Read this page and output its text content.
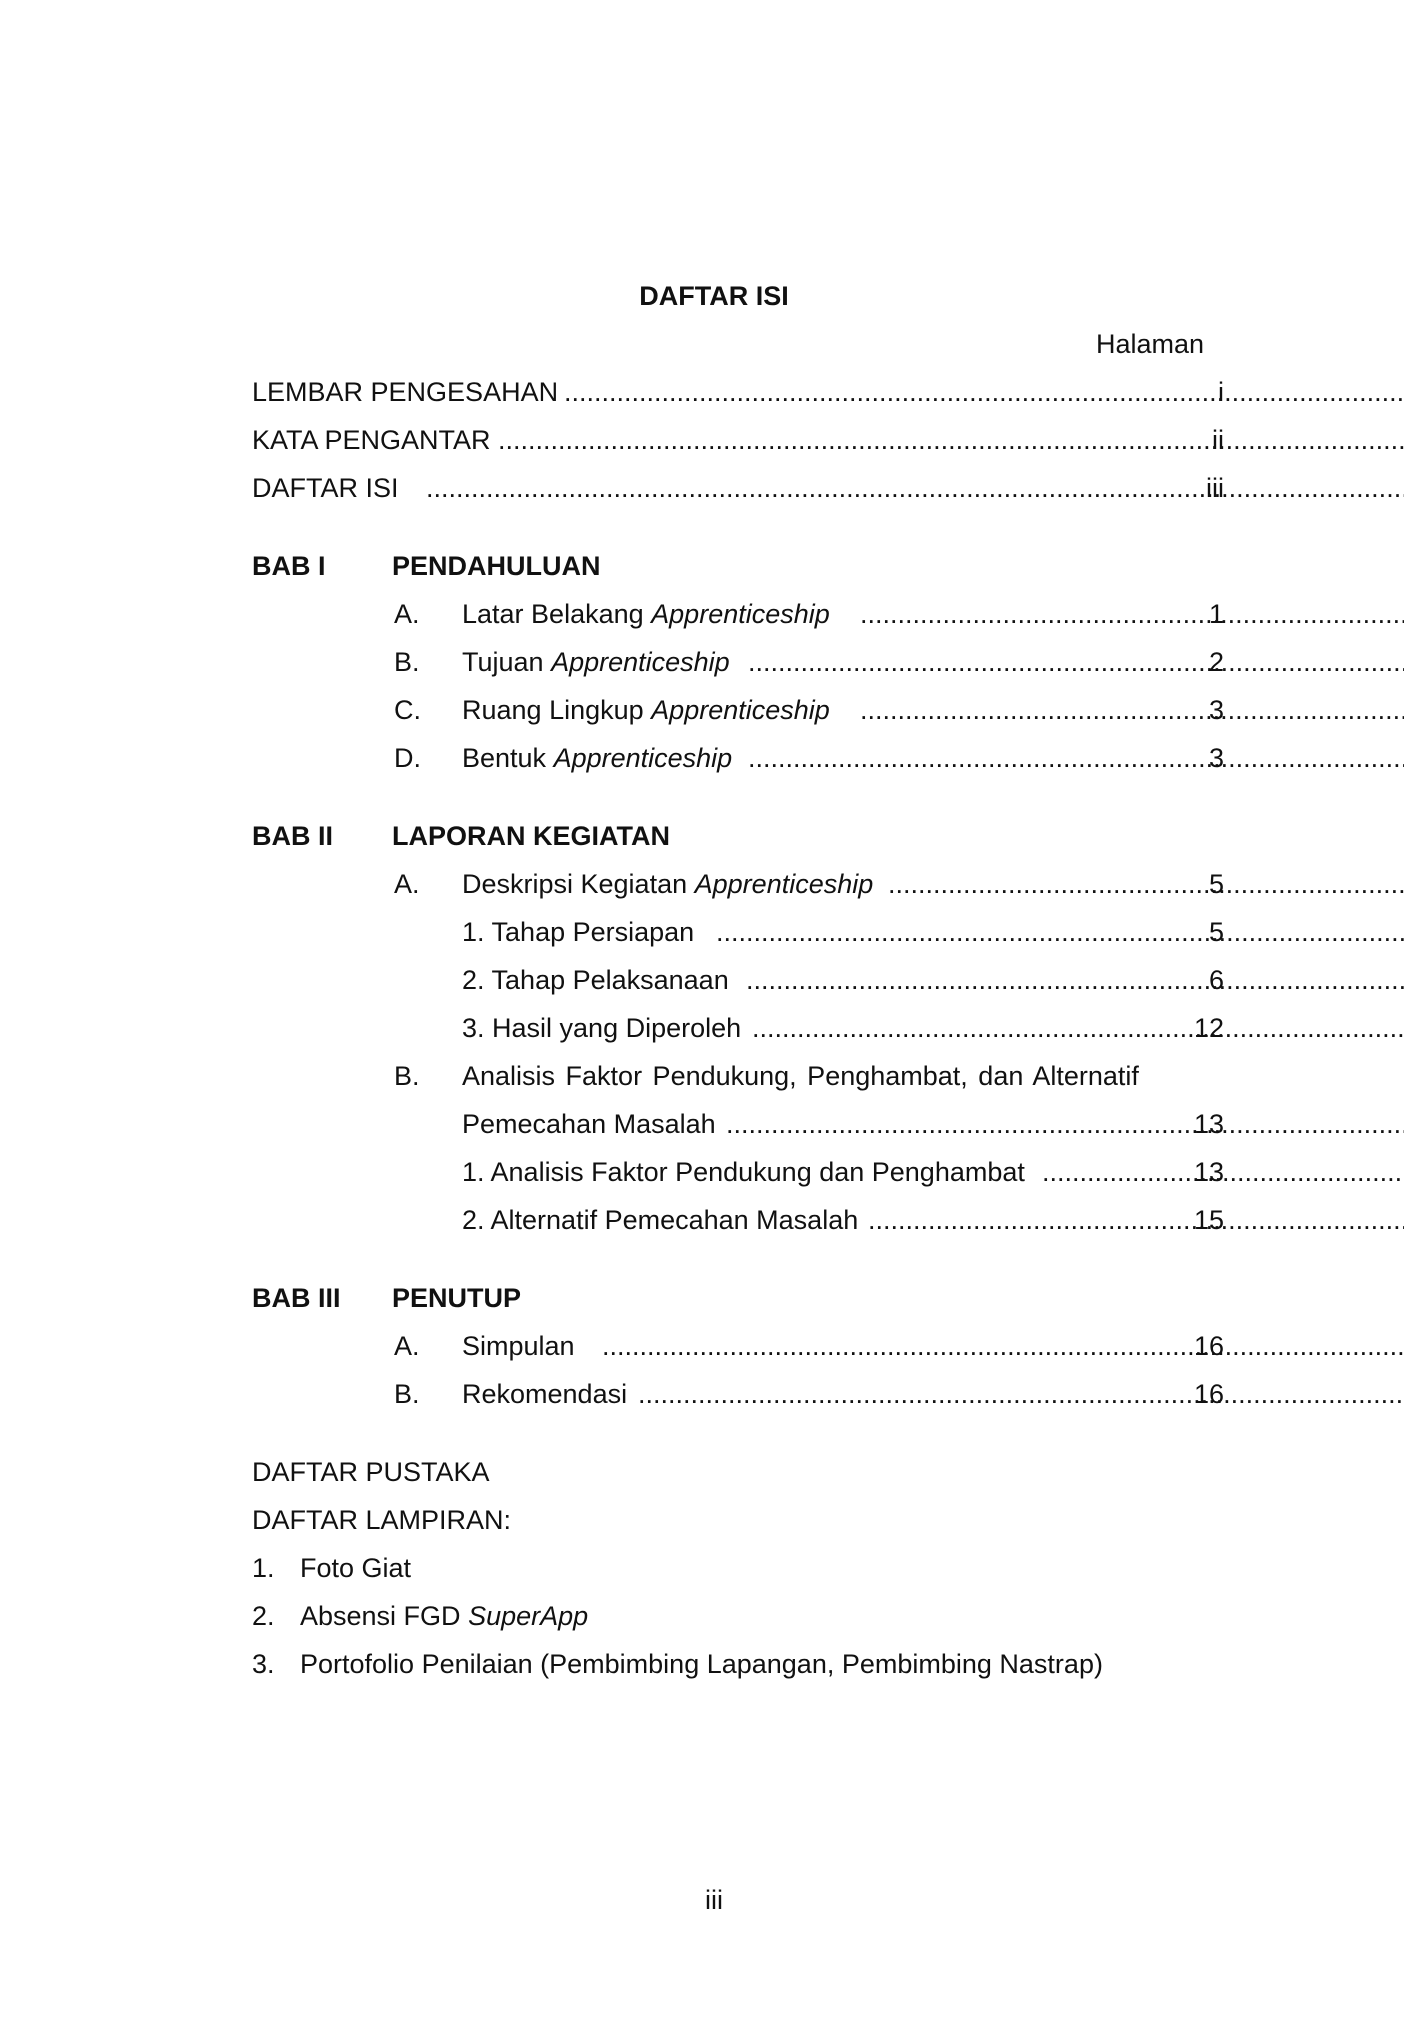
DAFTAR ISI
Halaman
LEMBAR PENGESAHAN .....	i
KATA PENGANTAR .....	ii
DAFTAR ISI .....	iii
BAB I PENDAHULUAN
A. Latar Belakang Apprenticeship .....	1
B. Tujuan Apprenticeship .....	2
C. Ruang Lingkup Apprenticeship .....	3
D. Bentuk Apprenticeship .....	3
BAB II LAPORAN KEGIATAN
A. Deskripsi Kegiatan Apprenticeship .....	5
1. Tahap Persiapan .....	5
2. Tahap Pelaksanaan .....	6
3. Hasil yang Diperoleh .....	12
B. Analisis Faktor Pendukung, Penghambat, dan Alternatif
Pemecahan Masalah .....	13
1. Analisis Faktor Pendukung dan Penghambat .....	13
2. Alternatif Pemecahan Masalah .....	15
BAB III PENUTUP
A. Simpulan .....	16
B. Rekomendasi .....	16
DAFTAR PUSTAKA
DAFTAR LAMPIRAN:
1. Foto Giat
2. Absensi FGD SuperApp
3. Portofolio Penilaian (Pembimbing Lapangan, Pembimbing Nastrap)
iii
